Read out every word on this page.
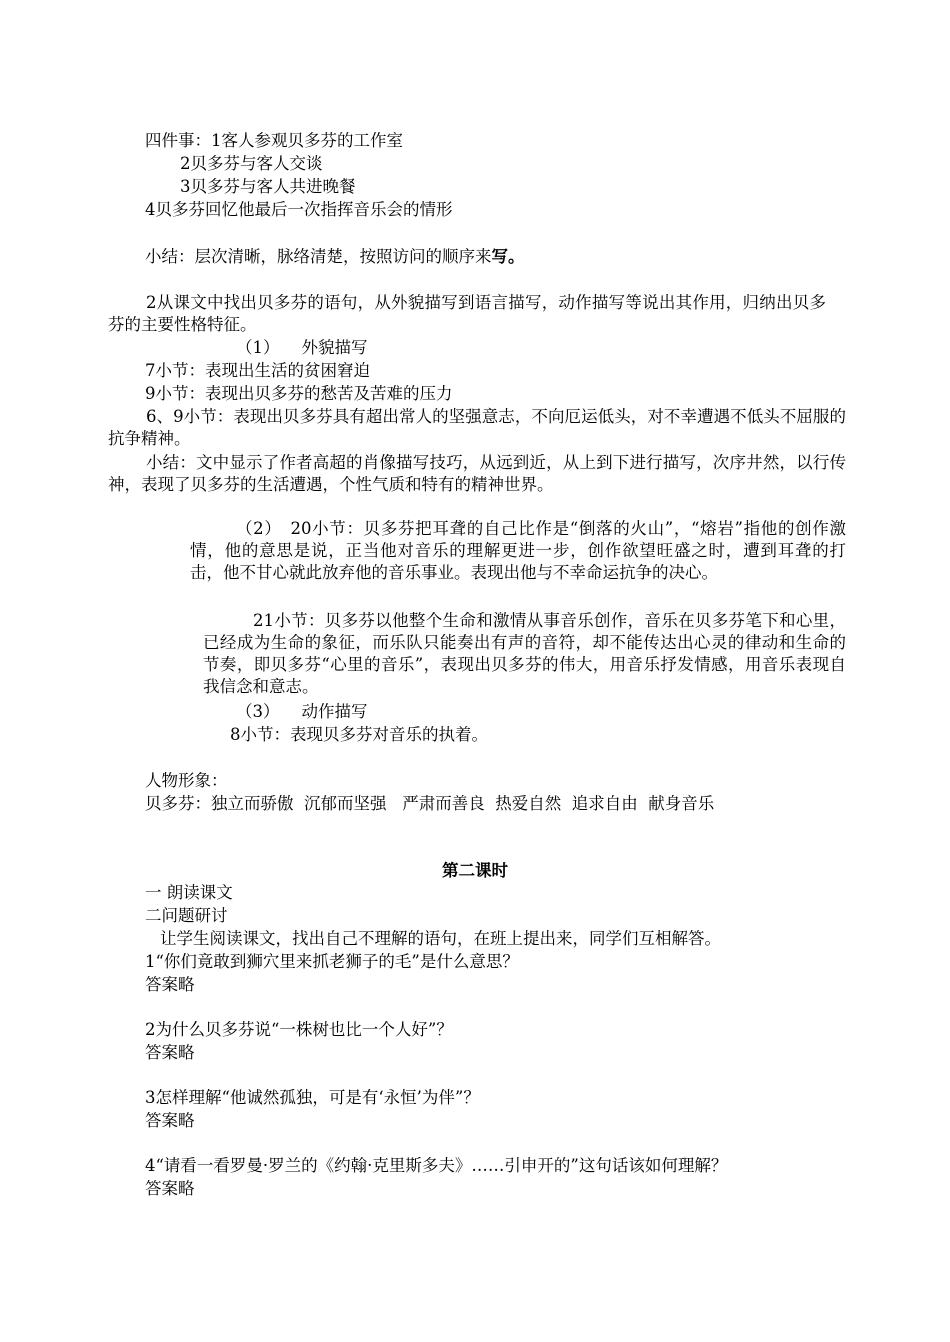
四件事：1客人参观贝多芬的工作室
2贝多芬与客人交谈
3贝多芬与客人共进晚餐
4贝多芬回忆他最后一次指挥音乐会的情形
小结：层次清晰，脉络清楚，按照访问的顺序来写。
2从课文中找出贝多芬的语句，从外貌描写到语言描写，动作描写等说出其作用，归纳出贝多芬的主要性格特征。
（1） 外貌描写
7小节：表现出生活的贫困窘迫
9小节：表现出贝多芬的愁苦及苦难的压力
6、9小节：表现出贝多芬具有超出常人的坚强意志，不向厄运低头，对不幸遭遇不低头不屈服的抗争精神。
小结：文中显示了作者高超的肖像描写技巧，从远到近，从上到下进行描写，次序井然，以行传神，表现了贝多芬的生活遭遇，个性气质和特有的精神世界。
（2）　20小节：贝多芬把耳聋的自己比作是“倒落的火山”，“熔岩”指他的创作激情，他的意思是说，正当他对音乐的理解更进一步，创作欲望旺盛之时，遭到耳聋的打击，他不甘心就此放弃他的音乐事业。表现出他与不幸命运抗争的决心。
21小节：贝多芬以他整个生命和激情从事音乐创作，音乐在贝多芬笔下和心里，已经成为生命的象征，而乐队只能奏出有声的音符，却不能传达出心灵的律动和生命的节奏，即贝多芬“心里的音乐”，表现出贝多芬的伟大，用音乐抒发情感，用音乐表现自我信念和意志。
（3） 动作描写
8小节：表现贝多芬对音乐的执着。
人物形象：
贝多芬：独立而骄傲  沉郁而坚强   严肃而善良  热爱自然  追求自由  献身音乐
第二课时
一 朗读课文
二问题研讨
让学生阅读课文，找出自己不理解的语句，在班上提出来，同学们互相解答。
1“你们竟敢到狮穴里来抓老狮子的毛”是什么意思？
答案略
2为什么贝多芬说“一株树也比一个人好”？
答案略
3怎样理解“他诚然孤独，可是有‘永恒’为伴”？
答案略
4“请看一看罗曼·罗兰的《约翰·克里斯多夫》……引申开的”这句话该如何理解？
答案略
